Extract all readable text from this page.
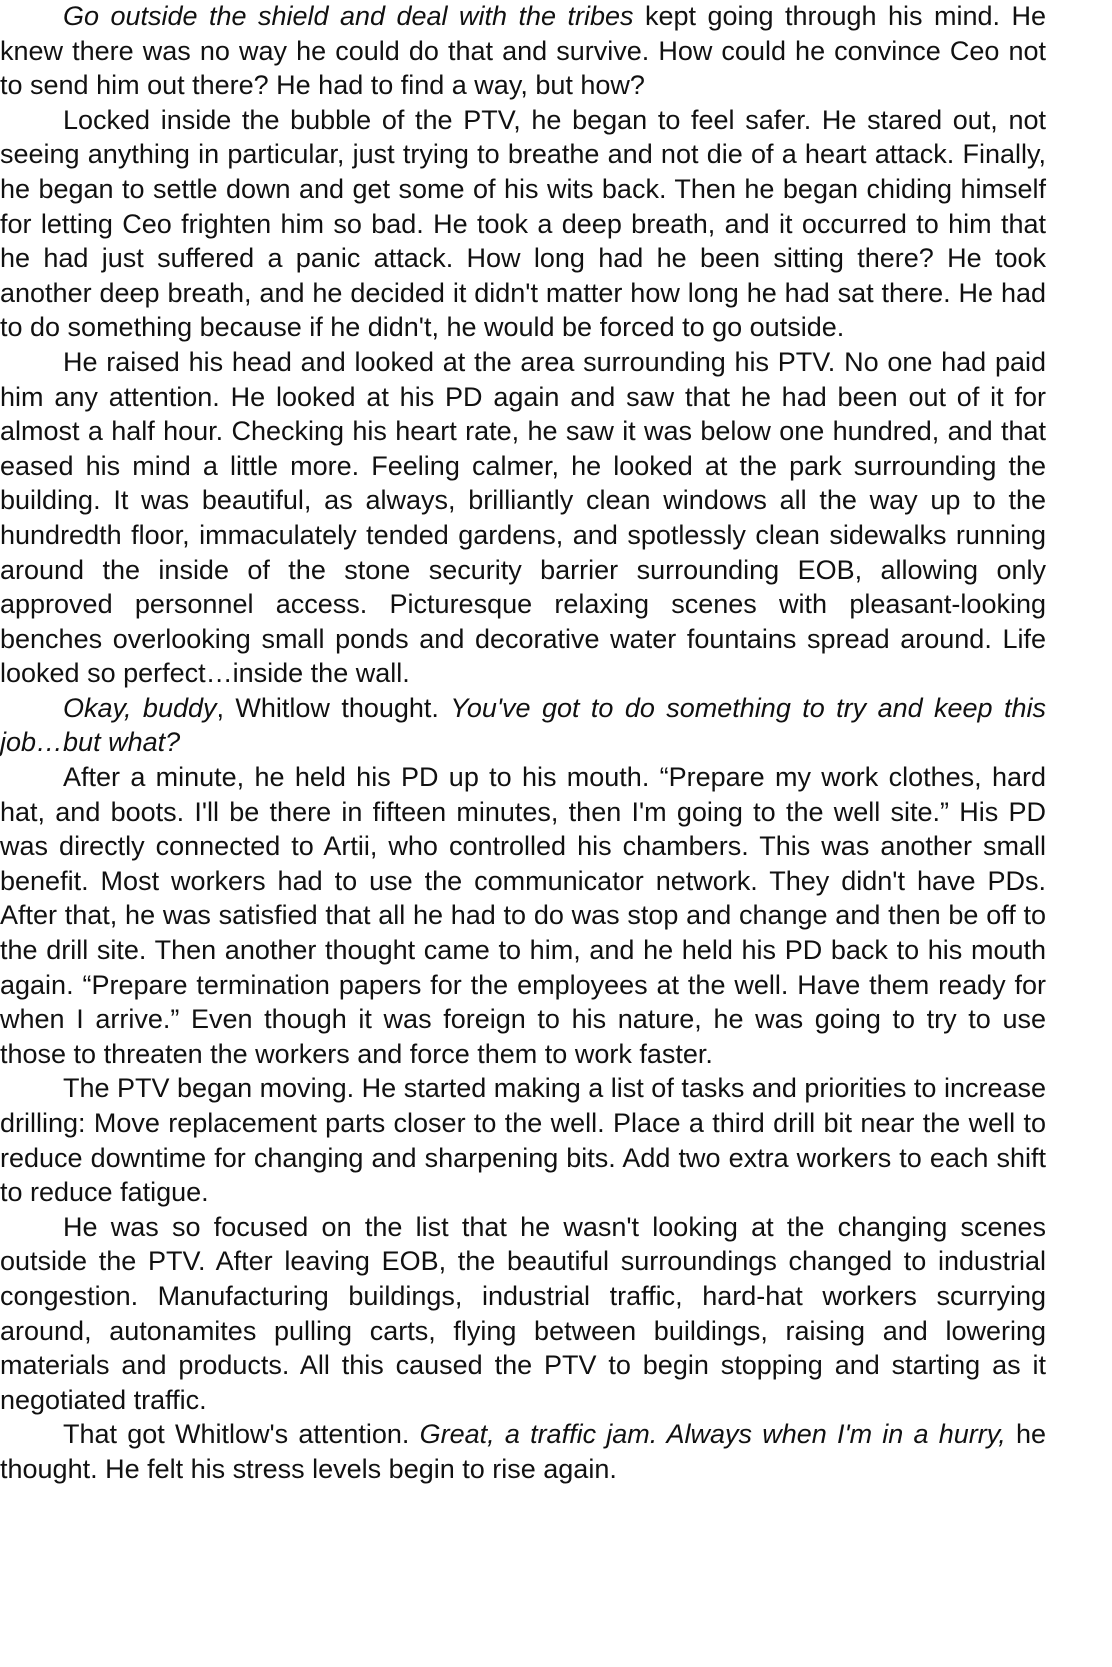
Go outside the shield and deal with the tribes kept going through his mind. He knew there was no way he could do that and survive. How could he convince Ceo not to send him out there? He had to find a way, but how?

Locked inside the bubble of the PTV, he began to feel safer. He stared out, not seeing anything in particular, just trying to breathe and not die of a heart attack. Finally, he began to settle down and get some of his wits back. Then he began chiding himself for letting Ceo frighten him so bad. He took a deep breath, and it occurred to him that he had just suffered a panic attack. How long had he been sitting there? He took another deep breath, and he decided it didn't matter how long he had sat there. He had to do something because if he didn't, he would be forced to go outside.

He raised his head and looked at the area surrounding his PTV. No one had paid him any attention. He looked at his PD again and saw that he had been out of it for almost a half hour. Checking his heart rate, he saw it was below one hundred, and that eased his mind a little more. Feeling calmer, he looked at the park surrounding the building. It was beautiful, as always, brilliantly clean windows all the way up to the hundredth floor, immaculately tended gardens, and spotlessly clean sidewalks running around the inside of the stone security barrier surrounding EOB, allowing only approved personnel access. Picturesque relaxing scenes with pleasant-looking benches overlooking small ponds and decorative water fountains spread around. Life looked so perfect…inside the wall.

Okay, buddy, Whitlow thought. You've got to do something to try and keep this job…but what?

After a minute, he held his PD up to his mouth. “Prepare my work clothes, hard hat, and boots. I'll be there in fifteen minutes, then I'm going to the well site.” His PD was directly connected to Artii, who controlled his chambers. This was another small benefit. Most workers had to use the communicator network. They didn't have PDs. After that, he was satisfied that all he had to do was stop and change and then be off to the drill site. Then another thought came to him, and he held his PD back to his mouth again. “Prepare termination papers for the employees at the well. Have them ready for when I arrive.” Even though it was foreign to his nature, he was going to try to use those to threaten the workers and force them to work faster.

The PTV began moving. He started making a list of tasks and priorities to increase drilling: Move replacement parts closer to the well. Place a third drill bit near the well to reduce downtime for changing and sharpening bits. Add two extra workers to each shift to reduce fatigue.

He was so focused on the list that he wasn't looking at the changing scenes outside the PTV. After leaving EOB, the beautiful surroundings changed to industrial congestion. Manufacturing buildings, industrial traffic, hard-hat workers scurrying around, autonamites pulling carts, flying between buildings, raising and lowering materials and products. All this caused the PTV to begin stopping and starting as it negotiated traffic.

That got Whitlow's attention. Great, a traffic jam. Always when I'm in a hurry, he thought. He felt his stress levels begin to rise again.
